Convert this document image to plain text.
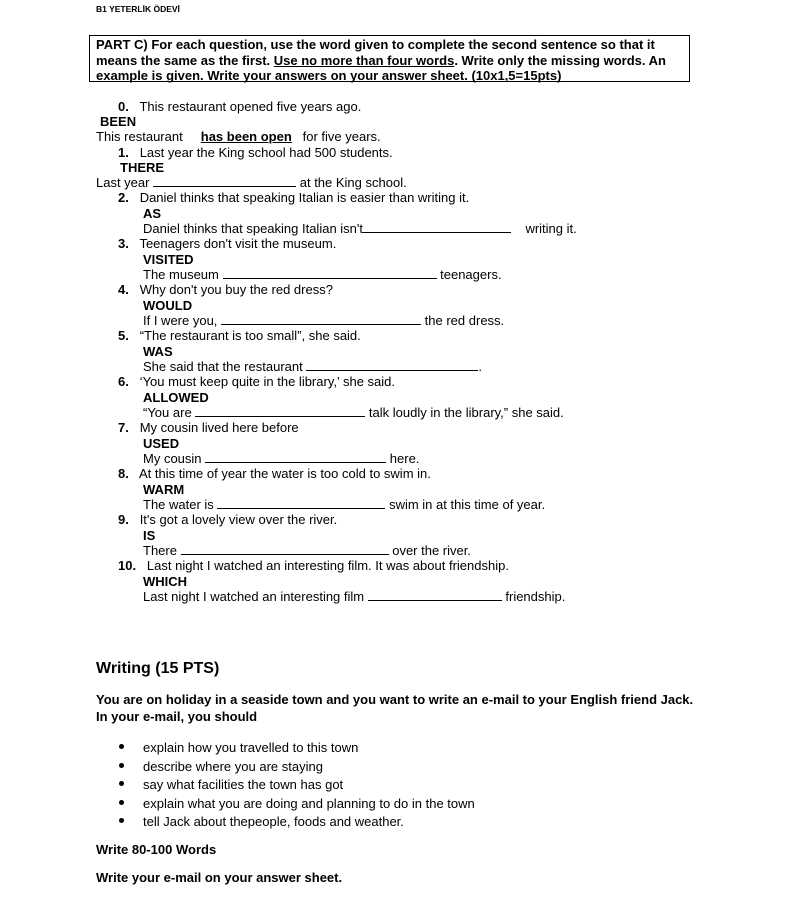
B1 YETERLİK ÖDEVİ
PART C) For each question, use the word given to complete the second sentence so that it means the same as the first. Use no more than four words. Write only the missing words. An example is given. Write your answers on your answer sheet. (10x1,5=15pts)
0. This restaurant opened five years ago.
BEEN
This restaurant has been open for five years.
1. Last year the King school had 500 students.
THERE
Last year	at the King school.
2. Daniel thinks that speaking Italian is easier than writing it.
AS
Daniel thinks that speaking Italian isn't	writing it.
3. Teenagers don't visit the museum.
VISITED
The museum	teenagers.
4. Why don't you buy the red dress?
WOULD
If I were you,	the red dress.
5. “The restaurant is too small”, she said.
WAS
She said that the restaurant	.
6. ‘You must keep quite in the library,’ she said.
ALLOWED
“You are	talk loudly in the library,” she said.
7. My cousin lived here before
USED
My cousin	here.
8. At this time of year the water is too cold to swim in.
WARM
The water is	swim in at this time of year.
9. It's got a lovely view over the river.
IS
There	over the river.
10. Last night I watched an interesting film. It was about friendship.
WHICH
Last night I watched an interesting film	friendship.
Writing (15 PTS)
You are on holiday in a seaside town and you want to write an e-mail to your English friend Jack. In your e-mail, you should
explain how you travelled to this town
describe where you are staying
say what facilities the town has got
explain what you are doing and planning to do in the town
tell Jack about thepeople, foods and weather.
Write 80-100 Words
Write your e-mail on your answer sheet.
